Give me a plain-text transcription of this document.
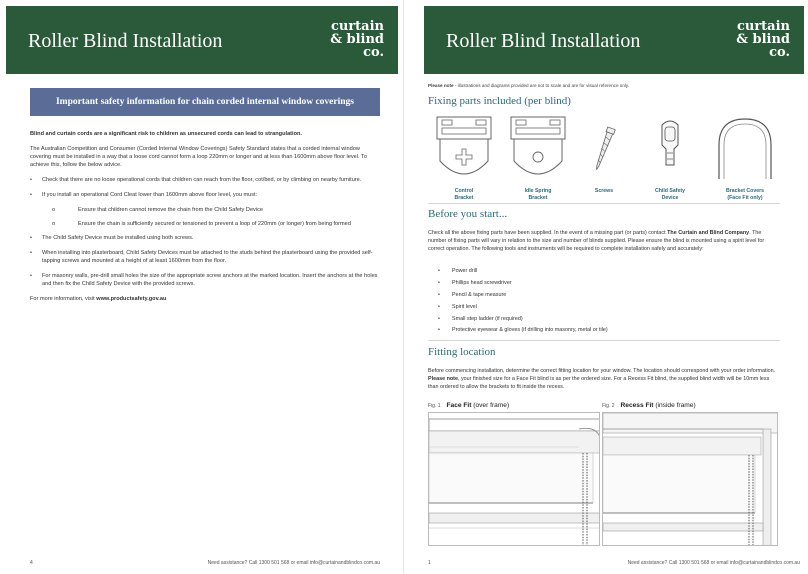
Roller Blind Installation
curtain
& blind
co.
Important safety information for chain corded internal window coverings

Blind and curtain cords are a significant risk to children as unsecured cords can lead to strangulation.

The Australian Competition and Consumer (Corded Internal Window Coverings) Safety Standard states that a corded internal window covering must be installed in a way that a loose cord cannot form a loop 220mm or longer and at less than 1600mm above floor level. To achieve this, follow the below advice.

• Check that there are no loose operational cords that children can reach from the floor, cot/bed, or by climbing on nearby furniture.
• If you install an operational Cord Cleat lower than 1600mm above floor level, you must:
o	Ensure that children cannot remove the chain from the Child Safety Device
o	Ensure the chain is sufficiently secured or tensioned to prevent a loop of 220mm (or longer) from being formed
• The Child Safety Device must be installed using both screws.
• When installing into plasterboard, Child Safety Devices must be attached to the studs behind the plasterboard using the provided self-tapping screws and mounted at a height of at least 1600mm from the floor.
• For masonry walls, pre-drill small holes the size of the appropriate screw anchors at the marked location. Insert the anchors at the holes and then fix the Child Safety Device with the provided screws.

For more information, visit www.productsafety.gov.au

4	Need assistance? Call 1300 501 568 or email info@curtainandblindco.com.au
Roller Blind Installation
curtain
& blind
co.
Please note - illustrations and diagrams provided are not to scale and are for visual reference only.
Fixing parts included (per blind)
Control
Bracket
Idle Spring
Bracket
Screws	Child Safety
Device
Bracket Covers
(Face Fit only)
Before you start...
Check all the above fixing parts have been supplied. In the event of a missing part (or parts) contact The Curtain and Blind Company. The number of fixing parts will vary in relation to the size and number of blinds supplied. Please ensure the blind is mounted using a spirit level for correct operation. The following tools and instruments will be required to complete installation safely and accurately:
• Power drill
• Phillips head screwdriver
• Pencil & tape measure
• Spirit level
• Small step ladder (if required)
• Protective eyewear & gloves (if drilling into masonry, metal or tile)
Fitting location
Before commencing installation, determine the correct fitting location for your window. The location should correspond with your order information. Please note, your finished size for a Face Fit blind is as per the ordered size. For a Recess Fit blind, the supplied blind width will be 10mm less than ordered to allow the brackets to fit inside the recess.
Fig. 1 Face Fit (over frame)	Fig. 2 Recess Fit (inside frame)
1	Need assistance? Call 1300 501 568 or email info@curtainandblindco.com.au
